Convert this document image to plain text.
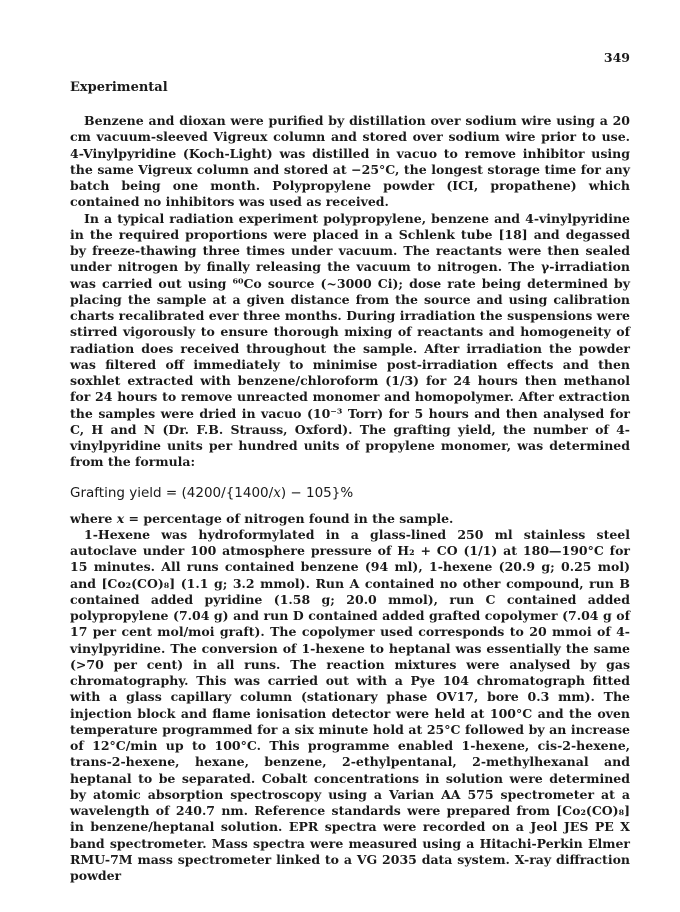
349
Experimental

Benzene and dioxan were purified by distillation over sodium wire using a 20 cm vacuum-sleeved Vigreux column and stored over sodium wire prior to use. 4-Vinylpyridine (Koch-Light) was distilled in vacuo to remove inhibitor using the same Vigreux column and stored at −25°C, the longest storage time for any batch being one month. Polypropylene powder (ICI, propathene) which contained no inhibitors was used as received.

In a typical radiation experiment polypropylene, benzene and 4-vinylpyridine in the required proportions were placed in a Schlenk tube [18] and degassed by freeze-thawing three times under vacuum. The reactants were then sealed under nitrogen by finally releasing the vacuum to nitrogen. The γ-irradiation was carried out using ⁶⁰Co source (~3000 Ci); dose rate being determined by placing the sample at a given distance from the source and using calibration charts recalibrated ever three months. During irradiation the suspensions were stirred vigorously to ensure thorough mixing of reactants and homogeneity of radiation does received throughout the sample. After irradiation the powder was filtered off immediately to minimise post-irradiation effects and then soxhlet extracted with benzene/chloroform (1/3) for 24 hours then methanol for 24 hours to remove unreacted monomer and homopolymer. After extraction the samples were dried in vacuo (10⁻³ Torr) for 5 hours and then analysed for C, H and N (Dr. F.B. Strauss, Oxford). The grafting yield, the number of 4-vinylpyridine units per hundred units of propylene monomer, was determined from the formula:

Grafting yield = (4200/{1400/x) − 105}%

where x = percentage of nitrogen found in the sample.

1-Hexene was hydroformylated in a glass-lined 250 ml stainless steel autoclave under 100 atmosphere pressure of H₂ + CO (1/1) at 180—190°C for 15 minutes. All runs contained benzene (94 ml), 1-hexene (20.9 g; 0.25 mol) and [Co₂(CO)₈] (1.1 g; 3.2 mmol). Run A contained no other compound, run B contained added pyridine (1.58 g; 20.0 mmol), run C contained added polypropylene (7.04 g) and run D contained added grafted copolymer (7.04 g of 17 per cent mol/moi graft). The copolymer used corresponds to 20 mmoi of 4-vinylpyridine. The conversion of 1-hexene to heptanal was essentially the same (>70 per cent) in all runs. The reaction mixtures were analysed by gas chromatography. This was carried out with a Pye 104 chromatograph fitted with a glass capillary column (stationary phase OV17, bore 0.3 mm). The injection block and flame ionisation detector were held at 100°C and the oven temperature programmed for a six minute hold at 25°C followed by an increase of 12°C/min up to 100°C. This programme enabled 1-hexene, cis-2-hexene, trans-2-hexene, hexane, benzene, 2-ethylpentanal, 2-methylhexanal and heptanal to be separated. Cobalt concentrations in solution were determined by atomic absorption spectroscopy using a Varian AA 575 spectrometer at a wavelength of 240.7 nm. Reference standards were prepared from [Co₂(CO)₈] in benzene/heptanal solution. EPR spectra were recorded on a Jeol JES PE X band spectrometer. Mass spectra were measured using a Hitachi-Perkin Elmer RMU-7M mass spectrometer linked to a VG 2035 data system. X-ray diffraction powder
